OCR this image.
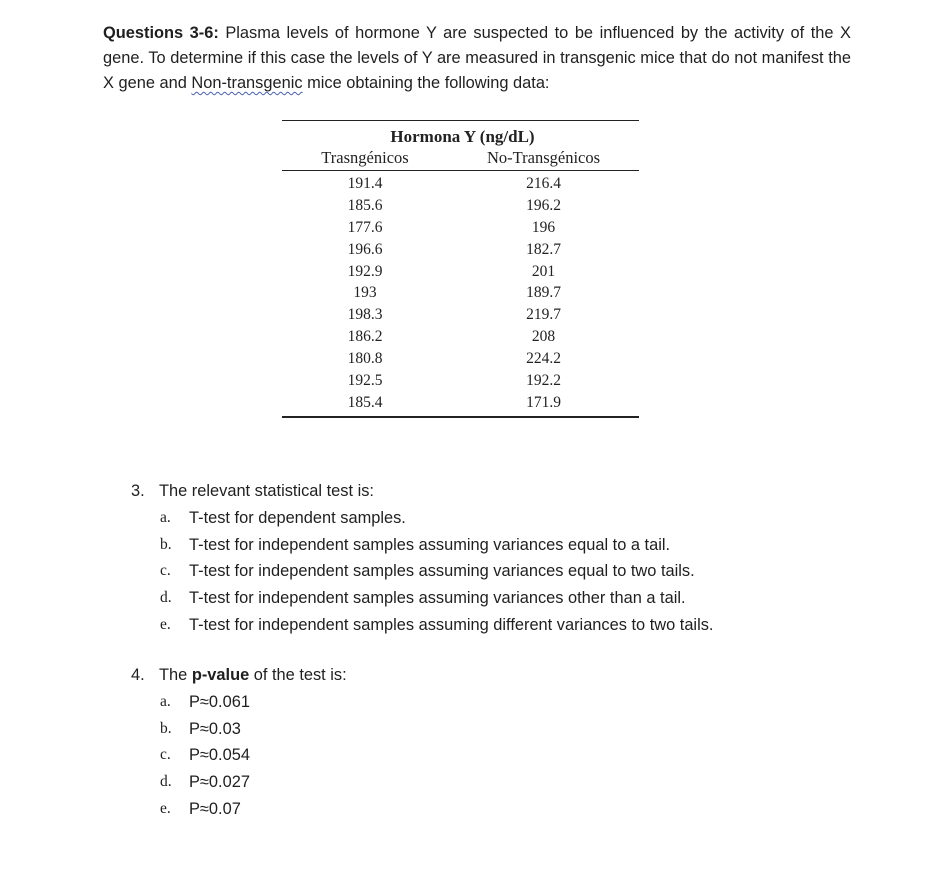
Questions 3-6: Plasma levels of hormone Y are suspected to be influenced by the activity of the X gene. To determine if this case the levels of Y are measured in transgenic mice that do not manifest the X gene and Non-transgenic mice obtaining the following data:
Hormona Y (ng/dL)
Trasngénicos	No-Transgénicos
191.4	216.4
185.6	196.2
177.6	196
196.6	182.7
192.9	201
193	189.7
198.3	219.7
186.2	208
180.8	224.2
192.5	192.2
185.4	171.9
3. The relevant statistical test is:
a.	T-test for dependent samples.
b.	T-test for independent samples assuming variances equal to a tail.
c.	T-test for independent samples assuming variances equal to two tails.
d.	T-test for independent samples assuming variances other than a tail.
e.	T-test for independent samples assuming different variances to two tails.
4. The p-value of the test is:
a.	P≈0.061
b.	P≈0.03
c.	P≈0.054
d.	P≈0.027
e.	P≈0.07
